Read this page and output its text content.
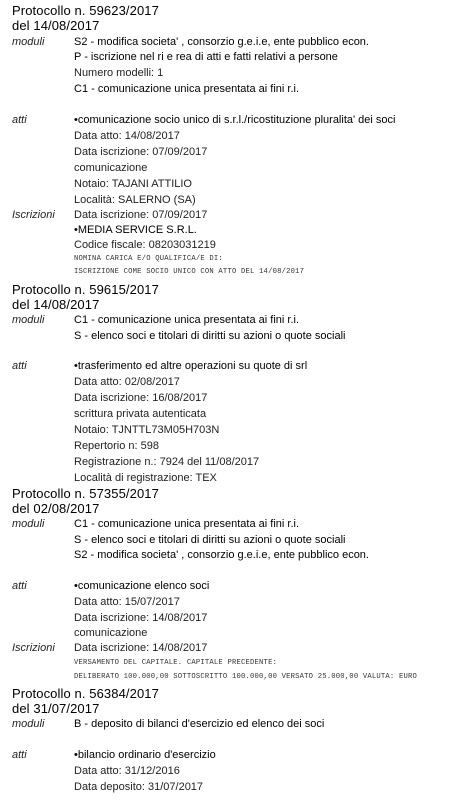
Protocollo n. 59623/2017
del 14/08/2017
moduli	S2 - modifica societa' , consorzio g.e.i.e, ente pubblico econ.
P - iscrizione nel ri e rea di atti e fatti relativi a persone
Numero modelli: 1
C1 - comunicazione unica presentata ai fini r.i.
atti	• comunicazione socio unico di s.r.l./ricostituzione pluralita' dei soci
Data atto: 14/08/2017
Data iscrizione: 07/09/2017
comunicazione
Notaio: TAJANI ATTILIO
Località: SALERNO (SA)
Iscrizioni Data iscrizione: 07/09/2017
• MEDIA SERVICE S.R.L.
Codice fiscale: 08203031219
NOMINA CARICA E/O QUALIFICA/E DI:
ISCRIZIONE COME SOCIO UNICO CON ATTO DEL 14/08/2017
Protocollo n. 59615/2017
del 14/08/2017
moduli	C1 - comunicazione unica presentata ai fini r.i.
S - elenco soci e titolari di diritti su azioni o quote sociali
atti	• trasferimento ed altre operazioni su quote di srl
Data atto: 02/08/2017
Data iscrizione: 16/08/2017
scrittura privata autenticata
Notaio: TJNTTL73M05H703N
Repertorio n: 598
Registrazione n.: 7924 del 11/08/2017
Località di registrazione: TEX
Protocollo n. 57355/2017
del 02/08/2017
moduli	C1 - comunicazione unica presentata ai fini r.i.
S - elenco soci e titolari di diritti su azioni o quote sociali
S2 - modifica societa' , consorzio g.e.i.e, ente pubblico econ.
atti	• comunicazione elenco soci
Data atto: 15/07/2017
Data iscrizione: 14/08/2017
comunicazione
Iscrizioni Data iscrizione: 14/08/2017
VERSAMENTO DEL CAPITALE. CAPITALE PRECEDENTE:
DELIBERATO 100.000,00 SOTTOSCRITTO 100.000,00 VERSATO 25.000,00 VALUTA: EURO
Protocollo n. 56384/2017
del 31/07/2017
moduli	B - deposito di bilanci d'esercizio ed elenco dei soci
atti	• bilancio ordinario d'esercizio
Data atto: 31/12/2016
Data deposito: 31/07/2017
